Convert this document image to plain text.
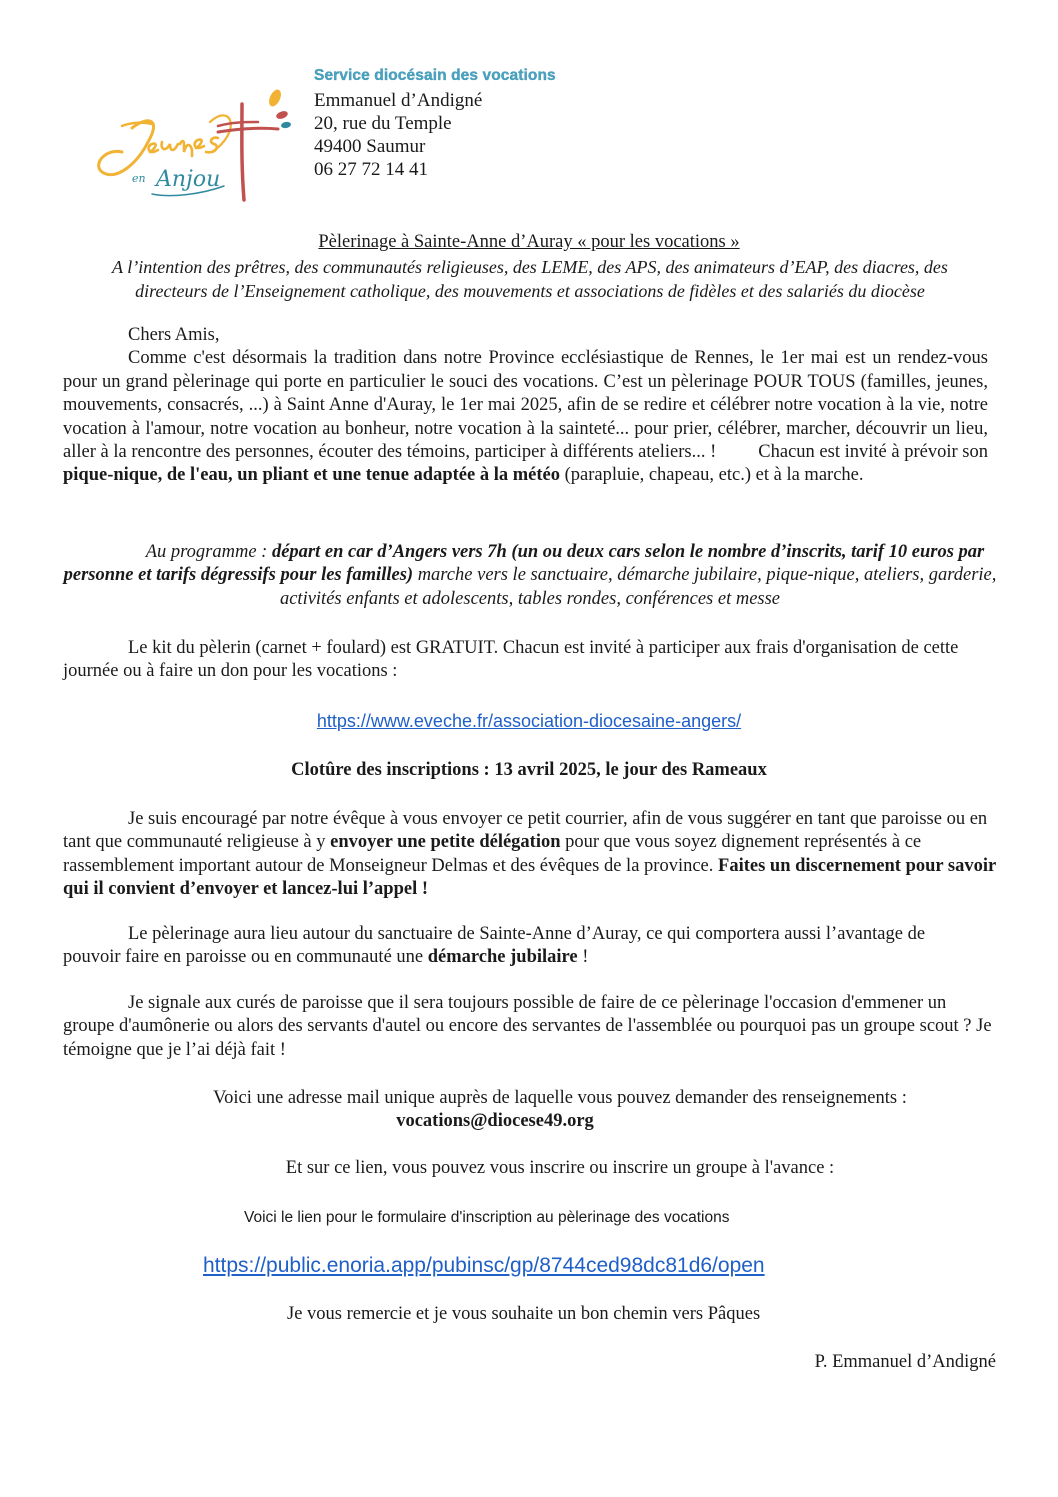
en Anjou
Service diocésain des vocations
Emmanuel d’Andigné
20, rue du Temple
49400 Saumur
06 27 72 14 41
Pèlerinage à Sainte-Anne d’Auray « pour les vocations »
A l’intention des prêtres, des communautés religieuses, des LEME, des APS, des animateurs d’EAP, des diacres, des
directeurs de l’Enseignement catholique, des mouvements et associations de fidèles et des salariés du diocèse
Chers Amis,
Comme c'est désormais la tradition dans notre Province ecclésiastique de Rennes, le 1er mai est un rendez-vous pour un grand pèlerinage qui porte en particulier le souci des vocations. C’est un pèlerinage POUR TOUS (familles, jeunes, mouvements, consacrés, ...) à Saint Anne d'Auray, le 1er mai 2025, afin de se redire et célébrer notre vocation à la vie, notre vocation à l'amour, notre vocation au bonheur, notre vocation à la sainteté... pour prier, célébrer, marcher, découvrir un lieu, aller à la rencontre des personnes, écouter des témoins, participer à différents ateliers... ! Chacun est invité à prévoir son pique-nique, de l'eau, un pliant et une tenue adaptée à la météo (parapluie, chapeau, etc.) et à la marche.
Au programme : départ en car d’Angers vers 7h (un ou deux cars selon le nombre d’inscrits, tarif 10 euros par personne et tarifs dégressifs pour les familles) marche vers le sanctuaire, démarche jubilaire, pique-nique, ateliers, garderie, activités enfants et adolescents, tables rondes, conférences et messe
Le kit du pèlerin (carnet + foulard) est GRATUIT. Chacun est invité à participer aux frais d'organisation de cette journée ou à faire un don pour les vocations :
https://www.eveche.fr/association-diocesaine-angers/
Clotûre des inscriptions : 13 avril 2025, le jour des Rameaux
Je suis encouragé par notre évêque à vous envoyer ce petit courrier, afin de vous suggérer en tant que paroisse ou en tant que communauté religieuse à y envoyer une petite délégation pour que vous soyez dignement représentés à ce rassemblement important autour de Monseigneur Delmas et des évêques de la province. Faites un discernement pour savoir qui il convient d’envoyer et lancez-lui l’appel !
Le pèlerinage aura lieu autour du sanctuaire de Sainte-Anne d’Auray, ce qui comportera aussi l’avantage de pouvoir faire en paroisse ou en communauté une démarche jubilaire !
Je signale aux curés de paroisse que il sera toujours possible de faire de ce pèlerinage l'occasion d'emmener un groupe d'aumônerie ou alors des servants d'autel ou encore des servantes de l'assemblée ou pourquoi pas un groupe scout ? Je témoigne que je l’ai déjà fait !
Voici une adresse mail unique auprès de laquelle vous pouvez demander des renseignements :
vocations@diocese49.org
Et sur ce lien, vous pouvez vous inscrire ou inscrire un groupe à l'avance :
Voici le lien pour le formulaire d'inscription au pèlerinage des vocations
https://public.enoria.app/pubinsc/gp/8744ced98dc81d6/open
Je vous remercie et je vous souhaite un bon chemin vers Pâques
P. Emmanuel d’Andigné
